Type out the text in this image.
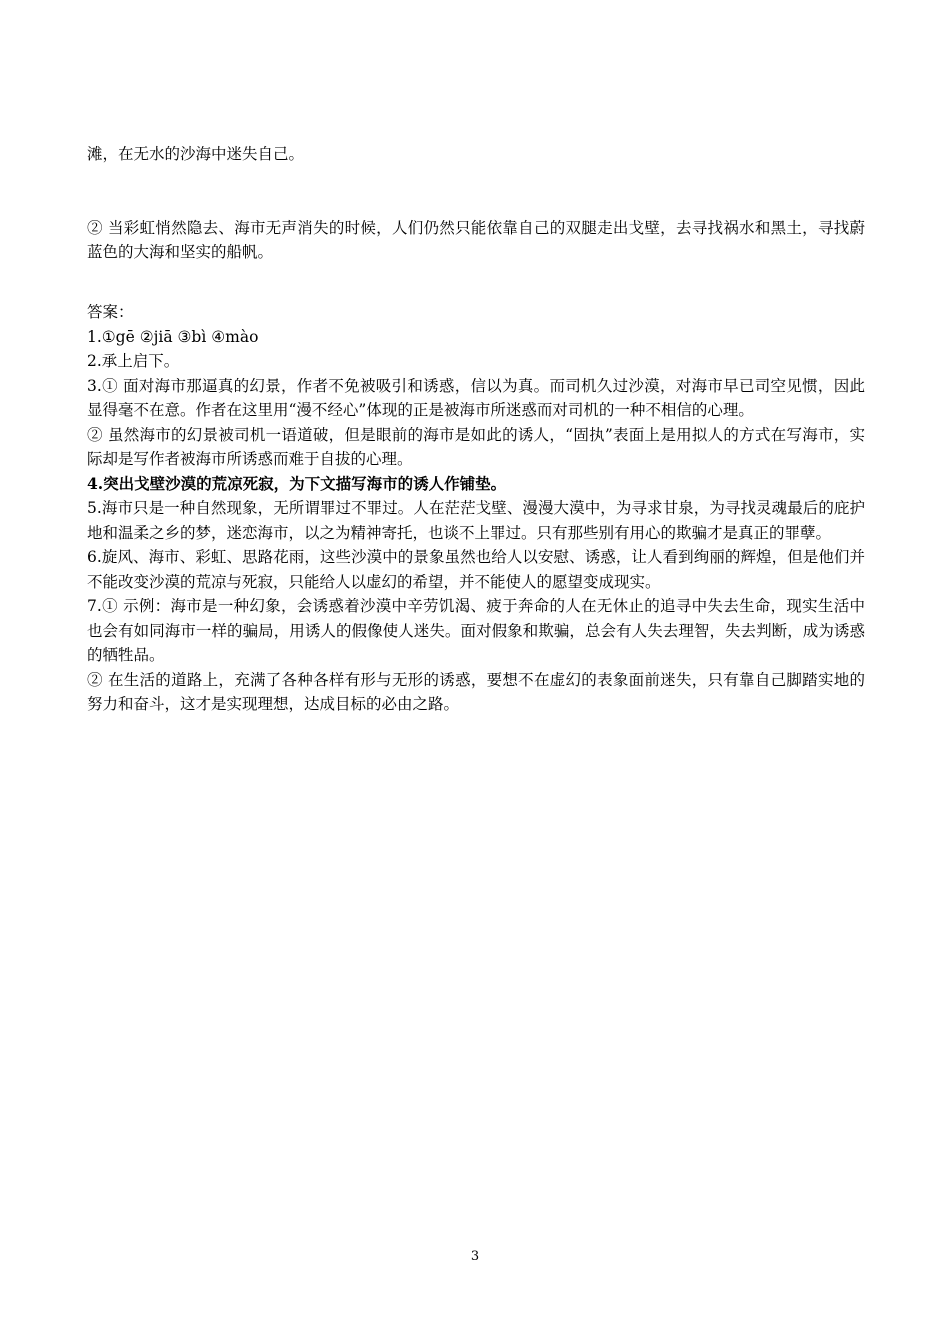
滩，在无水的沙海中迷失自己。

② 当彩虹悄然隐去、海市无声消失的时候，人们仍然只能依靠自己的双腿走出戈壁，去寻找祸水和黑土，寻找蔚蓝色的大海和坚实的船帆。

答案：

1.①gē ②jiā ③bì ④mào

2.承上启下。

3.① 面对海市那逼真的幻景，作者不免被吸引和诱惑，信以为真。而司机久过沙漠，对海市早已司空见惯，因此显得毫不在意。作者在这里用“漫不经心”体现的正是被海市所迷惑而对司机的一种不相信的心理。

② 虽然海市的幻景被司机一语道破，但是眼前的海市是如此的诱人，“固执”表面上是用拟人的方式在写海市，实际却是写作者被海市所诱惑而难于自拔的心理。

4.突出戈壁沙漠的荒凉死寂，为下文描写海市的诱人作铺垫。

5.海市只是一种自然现象，无所谓罪过不罪过。人在茫茫戈壁、漫漫大漠中，为寻求甘泉，为寻找灵魂最后的庇护地和温柔之乡的梦，迷恋海市，以之为精神寄托，也谈不上罪过。只有那些别有用心的欺骗才是真正的罪孽。

6.旋风、海市、彩虹、思路花雨，这些沙漠中的景象虽然也给人以安慰、诱惑，让人看到绚丽的辉煌，但是他们并不能改变沙漠的荒凉与死寂，只能给人以虚幻的希望，并不能使人的愿望变成现实。

7.① 示例：海市是一种幻象，会诱惑着沙漠中辛劳饥渴、疲于奔命的人在无休止的追寻中失去生命，现实生活中也会有如同海市一样的骗局，用诱人的假像使人迷失。面对假象和欺骗，总会有人失去理智，失去判断，成为诱惑的牺牲品。

② 在生活的道路上，充满了各种各样有形与无形的诱惑，要想不在虚幻的表象面前迷失，只有靠自己脚踏实地的努力和奋斗，这才是实现理想，达成目标的必由之路。

3
